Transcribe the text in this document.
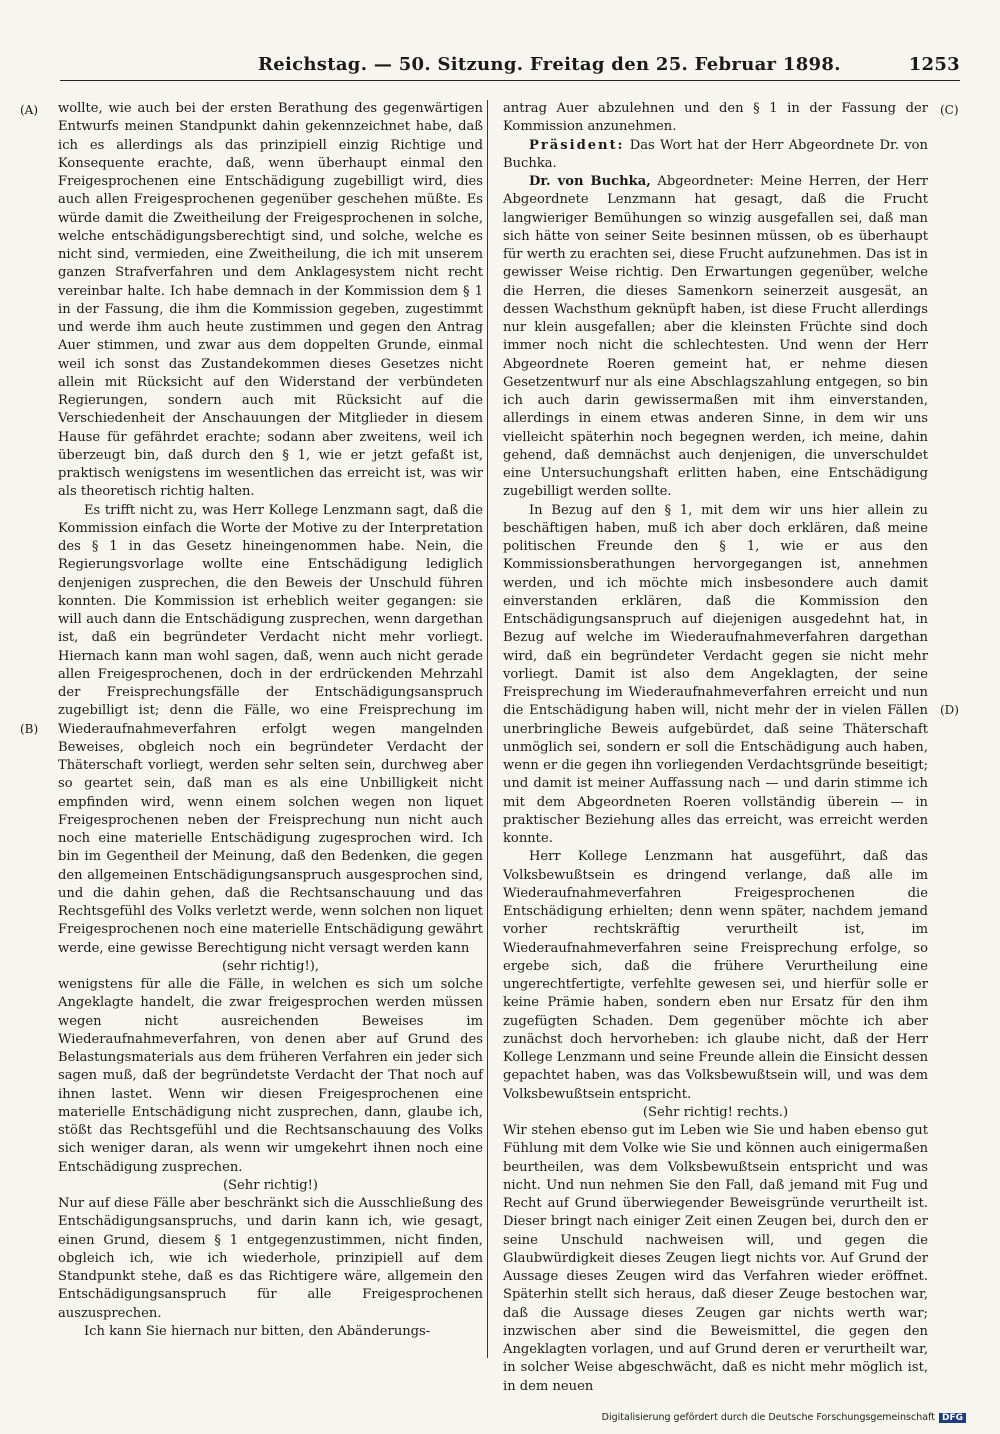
Reichstag. — 50. Sitzung. Freitag den 25. Februar 1898.	1253
(A)
(B)
(C)
(D)

wollte, wie auch bei der ersten Berathung des gegenwärtigen Entwurfs meinen Standpunkt dahin gekennzeichnet habe, daß ich es allerdings als das prinzipiell einzig Richtige und Konsequente erachte, daß, wenn überhaupt einmal den Freigesprochenen eine Entschädigung zugebilligt wird, dies auch allen Freigesprochenen gegenüber geschehen müßte. Es würde damit die Zweitheilung der Freigesprochenen in solche, welche entschädigungsberechtigt sind, und solche, welche es nicht sind, vermieden, eine Zweitheilung, die ich mit unserem ganzen Strafverfahren und dem Anklagesystem nicht recht vereinbar halte. Ich habe demnach in der Kommission dem § 1 in der Fassung, die ihm die Kommission gegeben, zugestimmt und werde ihm auch heute zustimmen und gegen den Antrag Auer stimmen, und zwar aus dem doppelten Grunde, einmal weil ich sonst das Zustandekommen dieses Gesetzes nicht allein mit Rücksicht auf den Widerstand der verbündeten Regierungen, sondern auch mit Rücksicht auf die Verschiedenheit der Anschauungen der Mitglieder in diesem Hause für gefährdet erachte; sodann aber zweitens, weil ich überzeugt bin, daß durch den § 1, wie er jetzt gefaßt ist, praktisch wenigstens im wesentlichen das erreicht ist, was wir als theoretisch richtig halten.

Es trifft nicht zu, was Herr Kollege Lenzmann sagt, daß die Kommission einfach die Worte der Motive zu der Interpretation des § 1 in das Gesetz hineingenommen habe. Nein, die Regierungsvorlage wollte eine Entschädigung lediglich denjenigen zusprechen, die den Beweis der Unschuld führen konnten. Die Kommission ist erheblich weiter gegangen: sie will auch dann die Entschädigung zusprechen, wenn dargethan ist, daß ein begründeter Verdacht nicht mehr vorliegt. Hiernach kann man wohl sagen, daß, wenn auch nicht gerade allen Freigesprochenen, doch in der erdrückenden Mehrzahl der Freisprechungsfälle der Entschädigungsanspruch zugebilligt ist; denn die Fälle, wo eine Freisprechung im Wiederaufnahmeverfahren erfolgt wegen mangelnden Beweises, obgleich noch ein begründeter Verdacht der Thäterschaft vorliegt, werden sehr selten sein, durchweg aber so geartet sein, daß man es als eine Unbilligkeit nicht empfinden wird, wenn einem solchen wegen non liquet Freigesprochenen neben der Freisprechung nun nicht auch noch eine materielle Entschädigung zugesprochen wird. Ich bin im Gegentheil der Meinung, daß den Bedenken, die gegen den allgemeinen Entschädigungsanspruch ausgesprochen sind, und die dahin gehen, daß die Rechtsanschauung und das Rechtsgefühl des Volks verletzt werde, wenn solchen non liquet Freigesprochenen noch eine materielle Entschädigung gewährt werde, eine gewisse Berechtigung nicht versagt werden kann

(sehr richtig!),

wenigstens für alle die Fälle, in welchen es sich um solche Angeklagte handelt, die zwar freigesprochen werden müssen wegen nicht ausreichenden Beweises im Wiederaufnahmeverfahren, von denen aber auf Grund des Belastungsmaterials aus dem früheren Verfahren ein jeder sich sagen muß, daß der begründetste Verdacht der That noch auf ihnen lastet. Wenn wir diesen Freigesprochenen eine materielle Entschädigung nicht zusprechen, dann, glaube ich, stößt das Rechtsgefühl und die Rechtsanschauung des Volks sich weniger daran, als wenn wir umgekehrt ihnen noch eine Entschädigung zusprechen.

(Sehr richtig!)

Nur auf diese Fälle aber beschränkt sich die Ausschließung des Entschädigungsanspruchs, und darin kann ich, wie gesagt, einen Grund, diesem § 1 entgegenzustimmen, nicht finden, obgleich ich, wie ich wiederhole, prinzipiell auf dem Standpunkt stehe, daß es das Richtigere wäre, allgemein den Entschädigungsanspruch für alle Freigesprochenen auszusprechen.

Ich kann Sie hiernach nur bitten, den Abänderungs-

antrag Auer abzulehnen und den § 1 in der Fassung der Kommission anzunehmen.

Präsident: Das Wort hat der Herr Abgeordnete Dr. von Buchka.

Dr. von Buchka, Abgeordneter: Meine Herren, der Herr Abgeordnete Lenzmann hat gesagt, daß die Frucht langwieriger Bemühungen so winzig ausgefallen sei, daß man sich hätte von seiner Seite besinnen müssen, ob es überhaupt für werth zu erachten sei, diese Frucht aufzunehmen. Das ist in gewisser Weise richtig. Den Erwartungen gegenüber, welche die Herren, die dieses Samenkorn seinerzeit ausgesät, an dessen Wachsthum geknüpft haben, ist diese Frucht allerdings nur klein ausgefallen; aber die kleinsten Früchte sind doch immer noch nicht die schlechtesten. Und wenn der Herr Abgeordnete Roeren gemeint hat, er nehme diesen Gesetzentwurf nur als eine Abschlagszahlung entgegen, so bin ich auch darin gewissermaßen mit ihm einverstanden, allerdings in einem etwas anderen Sinne, in dem wir uns vielleicht späterhin noch begegnen werden, ich meine, dahin gehend, daß demnächst auch denjenigen, die unverschuldet eine Untersuchungshaft erlitten haben, eine Entschädigung zugebilligt werden sollte.

In Bezug auf den § 1, mit dem wir uns hier allein zu beschäftigen haben, muß ich aber doch erklären, daß meine politischen Freunde den § 1, wie er aus den Kommissionsberathungen hervorgegangen ist, annehmen werden, und ich möchte mich insbesondere auch damit einverstanden erklären, daß die Kommission den Entschädigungsanspruch auf diejenigen ausgedehnt hat, in Bezug auf welche im Wiederaufnahmeverfahren dargethan wird, daß ein begründeter Verdacht gegen sie nicht mehr vorliegt. Damit ist also dem Angeklagten, der seine Freisprechung im Wiederaufnahmeverfahren erreicht und nun die Entschädigung haben will, nicht mehr der in vielen Fällen unerbringliche Beweis aufgebürdet, daß seine Thäterschaft unmöglich sei, sondern er soll die Entschädigung auch haben, wenn er die gegen ihn vorliegenden Verdachtsgründe beseitigt; und damit ist meiner Auffassung nach — und darin stimme ich mit dem Abgeordneten Roeren vollständig überein — in praktischer Beziehung alles das erreicht, was erreicht werden konnte.

Herr Kollege Lenzmann hat ausgeführt, daß das Volksbewußtsein es dringend verlange, daß alle im Wiederaufnahmeverfahren Freigesprochenen die Entschädigung erhielten; denn wenn später, nachdem jemand vorher rechtskräftig verurtheilt ist, im Wiederaufnahmeverfahren seine Freisprechung erfolge, so ergebe sich, daß die frühere Verurtheilung eine ungerechtfertigte, verfehlte gewesen sei, und hierfür solle er keine Prämie haben, sondern eben nur Ersatz für den ihm zugefügten Schaden. Dem gegenüber möchte ich aber zunächst doch hervorheben: ich glaube nicht, daß der Herr Kollege Lenzmann und seine Freunde allein die Einsicht dessen gepachtet haben, was das Volksbewußtsein will, und was dem Volksbewußtsein entspricht.

(Sehr richtig! rechts.)

Wir stehen ebenso gut im Leben wie Sie und haben ebenso gut Fühlung mit dem Volke wie Sie und können auch einigermaßen beurtheilen, was dem Volksbewußtsein entspricht und was nicht. Und nun nehmen Sie den Fall, daß jemand mit Fug und Recht auf Grund überwiegender Beweisgründe verurtheilt ist. Dieser bringt nach einiger Zeit einen Zeugen bei, durch den er seine Unschuld nachweisen will, und gegen die Glaubwürdigkeit dieses Zeugen liegt nichts vor. Auf Grund der Aussage dieses Zeugen wird das Verfahren wieder eröffnet. Späterhin stellt sich heraus, daß dieser Zeuge bestochen war, daß die Aussage dieses Zeugen gar nichts werth war; inzwischen aber sind die Beweismittel, die gegen den Angeklagten vorlagen, und auf Grund deren er verurtheilt war, in solcher Weise abgeschwächt, daß es nicht mehr möglich ist, in dem neuen

Digitalisierung gefördert durch die Deutsche Forschungsgemeinschaft DFG
